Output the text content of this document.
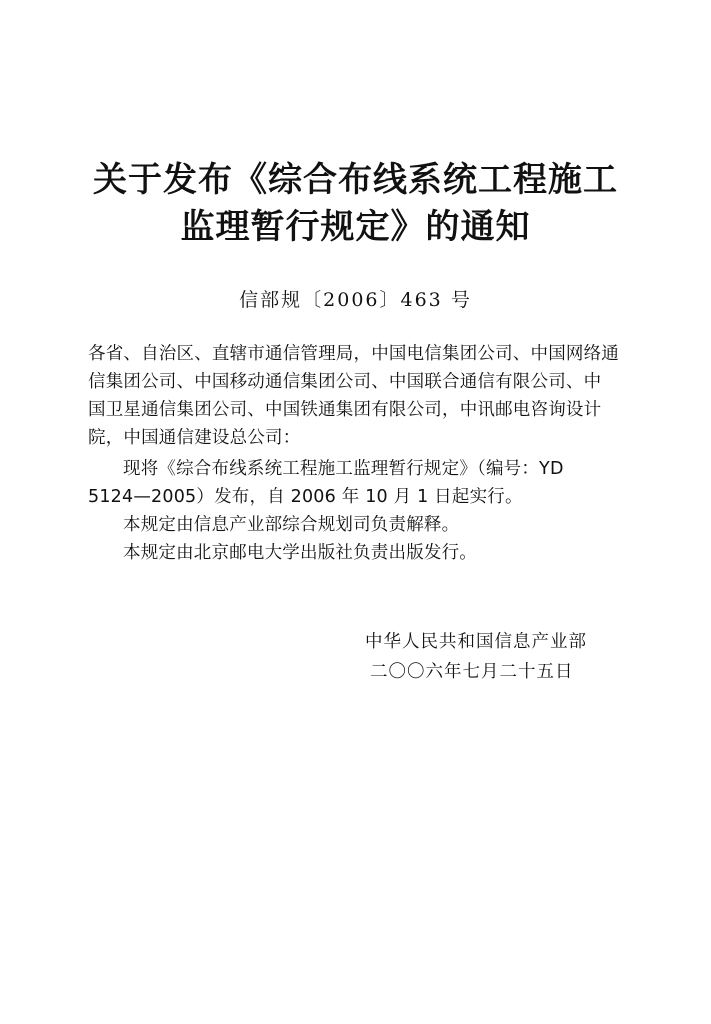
关于发布《综合布线系统工程施工
监理暂行规定》的通知
信部规〔2006〕463 号
各省、自治区、直辖市通信管理局，中国电信集团公司、中国网络通
信集团公司、中国移动通信集团公司、中国联合通信有限公司、中
国卫星通信集团公司、中国铁通集团有限公司，中讯邮电咨询设计
院，中国通信建设总公司：
现将《综合布线系统工程施工监理暂行规定》（编号：YD
5124—2005）发布，自 2006 年 10 月 1 日起实行。
本规定由信息产业部综合规划司负责解释。
本规定由北京邮电大学出版社负责出版发行。
中华人民共和国信息产业部
二〇〇六年七月二十五日
